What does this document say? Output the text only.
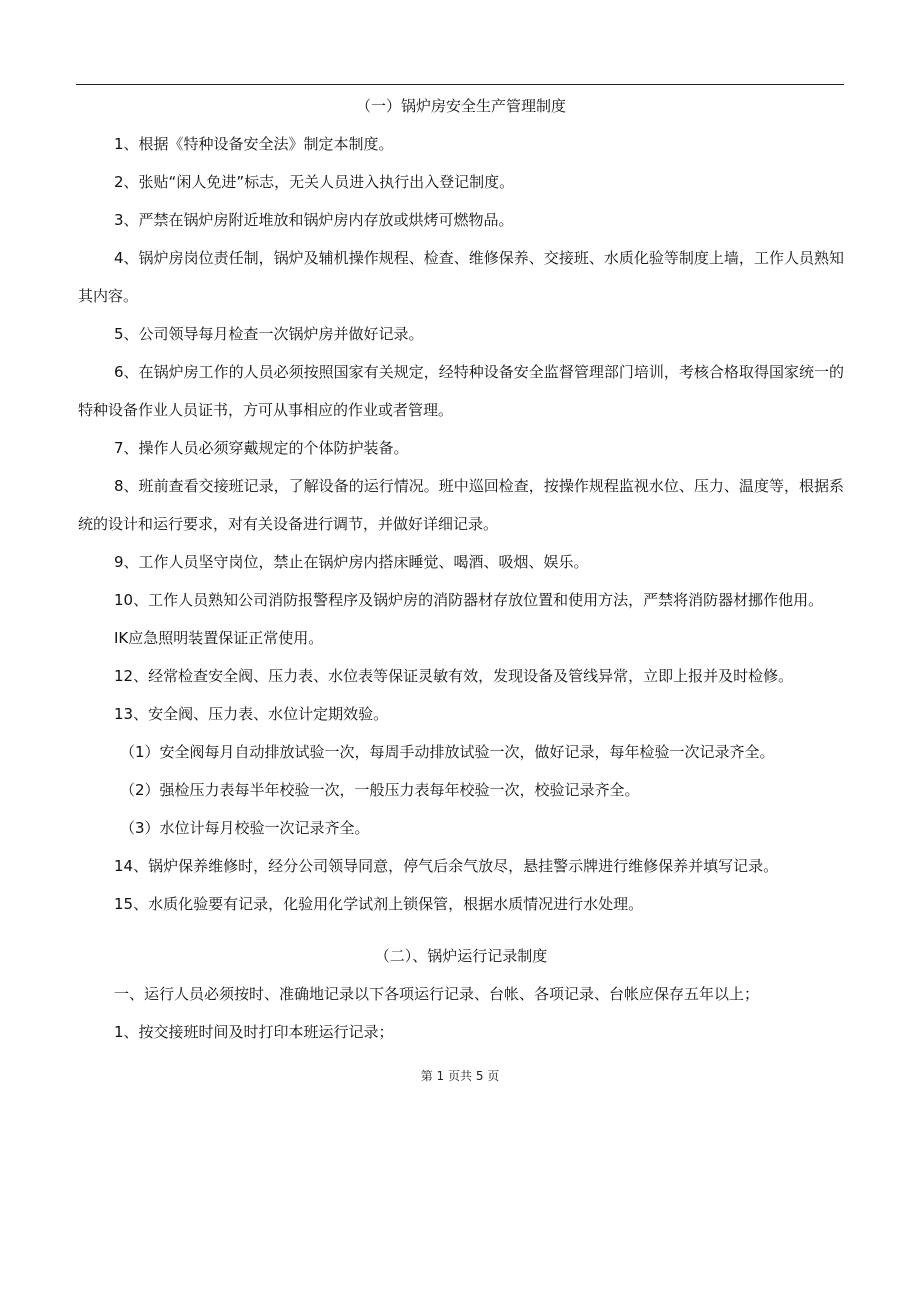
（一）锅炉房安全生产管理制度
1、根据《特种设备安全法》制定本制度。
2、张贴“闲人免进”标志，无关人员进入执行出入登记制度。
3、严禁在锅炉房附近堆放和锅炉房内存放或烘烤可燃物品。
4、锅炉房岗位责任制，锅炉及辅机操作规程、检查、维修保养、交接班、水质化验等制度上墙，工作人员熟知其内容。
5、公司领导每月检查一次锅炉房并做好记录。
6、在锅炉房工作的人员必须按照国家有关规定，经特种设备安全监督管理部门培训，考核合格取得国家统一的特种设备作业人员证书，方可从事相应的作业或者管理。
7、操作人员必须穿戴规定的个体防护装备。
8、班前查看交接班记录，了解设备的运行情况。班中巡回检查，按操作规程监视水位、压力、温度等，根据系统的设计和运行要求，对有关设备进行调节，并做好详细记录。
9、工作人员坚守岗位，禁止在锅炉房内搭床睡觉、喝酒、吸烟、娱乐。
10、工作人员熟知公司消防报警程序及锅炉房的消防器材存放位置和使用方法，严禁将消防器材挪作他用。
IK应急照明装置保证正常使用。
12、经常检查安全阀、压力表、水位表等保证灵敏有效，发现设备及管线异常，立即上报并及时检修。
13、安全阀、压力表、水位计定期效验。
（1）安全阀每月自动排放试验一次，每周手动排放试验一次，做好记录，每年检验一次记录齐全。
（2）强检压力表每半年校验一次，一般压力表每年校验一次，校验记录齐全。
（3）水位计每月校验一次记录齐全。
14、锅炉保养维修时，经分公司领导同意，停气后余气放尽，悬挂警示牌进行维修保养并填写记录。
15、水质化验要有记录，化验用化学试剂上锁保管，根据水质情况进行水处理。
（二）、锅炉运行记录制度
一、运行人员必须按时、准确地记录以下各项运行记录、台帐、各项记录、台帐应保存五年以上；
1、按交接班时间及时打印本班运行记录；
第 1 页共 5 页
